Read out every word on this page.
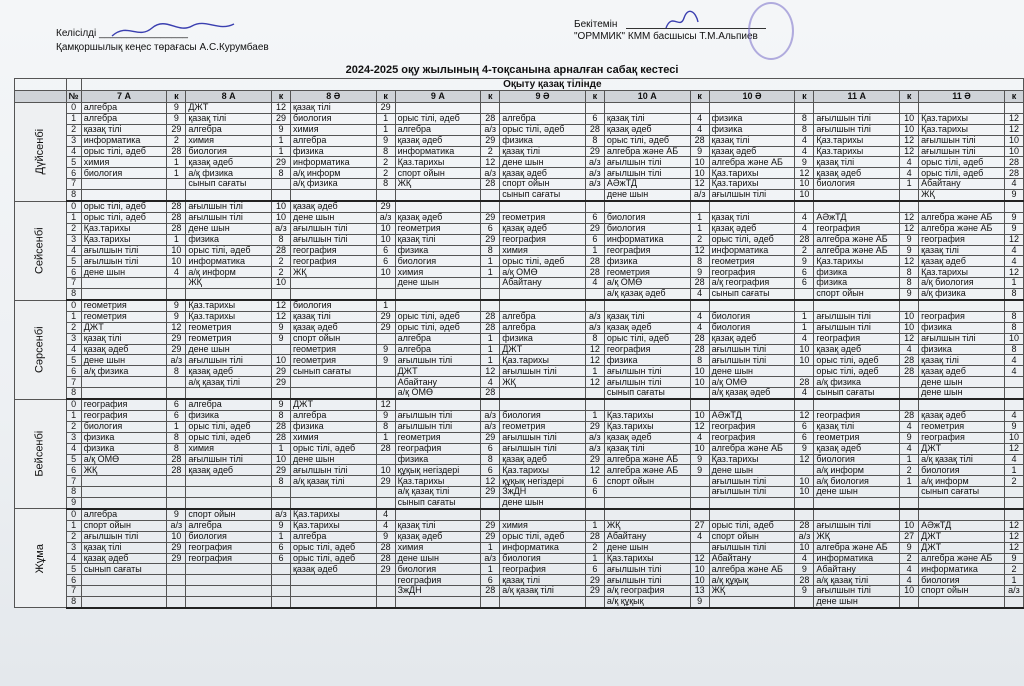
Келісілді ________________
Қамқоршылық кеңес төрағасы А.С.Курумбаев
Бекітемін
"ОРММИК" КММ басшысы Т.М.Альпиев
2024-2025 оқу жылының 4-тоқсанына арналған сабақ кестесі
		Оқыту қазақ тілінде																	
	№	7 А	к	8 А	к	8 Ә	к	9 А	к	9 Ә	к	10 А	к	10 Ә	к	11 А	к	11 Ә	к
Дүйсенбі	0	алгебра	9	ДЖТ	12	қазақ тілі	29												
	1	алгебра	9	қазақ тілі	29	биология	1	орыс тілі, әдеб	28	алгебра	6	қазақ тілі	4	физика	8	ағылшын тілі	10	Қаз.тарихы	12
	2	қазақ тілі	29	алгебра	9	химия	1	алгебра	а/з	орыс тілі, әдеб	28	қазақ әдеб	4	физика	8	ағылшын тілі	10	Қаз.тарихы	12
	3	информатика	2	химия	1	алгебра	9	қазақ әдеб	29	физика	8	орыс тілі, әдеб	28	қазақ тілі	4	Қаз.тарихы	12	ағылшын тілі	10
	4	орыс тілі, әдеб	28	биология	1	физика	8	информатика	2	қазақ тілі	29	алгебра және АБ	9	қазақ әдеб	4	Қаз.тарихы	12	ағылшын тілі	10
	5	химия	1	қазақ әдеб	29	информатика	2	Қаз.тарихы	12	дене шын	а/з	ағылшын тілі	10	алгебра және АБ	9	қазақ тілі	4	орыс тілі, әдеб	28
	6	биология	1	а/қ физика	8	а/қ информ	2	спорт ойын	а/з	қазақ әдеб	а/з	ағылшын тілі	10	Қаз.тарихы	12	қазақ әдеб	4	орыс тілі, әдеб	28
	7			сынып сағаты		а/қ физика	8	ЖҚ	28	спорт ойын	а/з	АӘжТД	12	Қаз.тарихы	10	биология	1	Абайтану	4
	8									сынып сағаты		дене шын	а/з	ағылшын тілі	10			ЖҚ	9
Сейсенбі	0	орыс тілі, әдеб	28	ағылшын тілі	10	қазақ әдеб	29												
	1	орыс тілі, әдеб	28	ағылшын тілі	10	дене шын	а/з	қазақ әдеб	29	геометрия	6	биология	1	қазақ тілі	4	АӘжТД	12	алгебра және АБ	9
	2	Қаз.тарихы	28	дене шын	а/з	ағылшын тілі	10	геометрия	6	қазақ әдеб	29	биология	1	қазақ әдеб	4	география	12	алгебра және АБ	9
	3	Қаз.тарихы	1	физика	8	ағылшын тілі	10	қазақ тілі	29	география	6	информатика	2	орыс тілі, әдеб	28	алгебра және АБ	9	география	12
	4	ағылшын тілі	10	орыс тілі, әдеб	28	география	6	физика	8	химия	1	география	12	информатика	2	алгебра және АБ	9	қазақ тілі	4
	5	ағылшын тілі	10	информатика	2	география	6	биология	1	орыс тілі, әдеб	28	физика	8	геометрия	9	Қаз.тарихы	12	қазақ әдеб	4
	6	дене шын	4	а/қ информ	2	ЖҚ	10	химия	1	а/қ ОМӨ	28	геометрия	9	география	6	физика	8	Қаз.тарихы	12
	7			ЖҚ	10			дене шын		Абайтану	4	а/қ ОМӨ	28	а/қ география	6	физика	8	а/қ биология	1
	8											а/қ қазақ әдеб	4	сынып сағаты		спорт ойын	9	а/қ физика	8
Сәрсенбі	0	геометрия	9	Қаз.тарихы	12	биология	1												
	1	геометрия	9	Қаз.тарихы	12	қазақ тілі	29	орыс тілі, әдеб	28	алгебра	а/з	қазақ тілі	4	биология	1	ағылшын тілі	10	география	8
	2	ДЖТ	12	геометрия	9	қазақ әдеб	29	орыс тілі, әдеб	28	алгебра	а/з	қазақ әдеб	4	биология	1	ағылшын тілі	10	физика	8
	3	қазақ тілі	29	геометрия	9	спорт ойын		алгебра	1	физика	8	орыс тілі, әдеб	28	қазақ әдеб	4	география	12	ағылшын тілі	10
	4	қазақ әдеб	29	дене шын		геометрия	9	алгебра	1	ДЖТ	12	география	28	ағылшын тілі	10	қазақ әдеб	4	физика	8
	5	дене шын	а/з	ағылшын тілі	10	геометрия	9	ағылшын тілі	1	Қаз.тарихы	12	физика	8	ағылшын тілі	10	орыс тілі, әдеб	28	қазақ тілі	4
	6	а/қ физика	8	қазақ әдеб	29	сынып сағаты		ДЖТ	12	ағылшын тілі	1	ағылшын тілі	10	дене шын		орыс тілі, әдеб	28	қазақ әдеб	4
	7			а/қ қазақ тілі	29			Абайтану	4	ЖҚ	12	ағылшын тілі	10	а/қ ОМӨ	28	а/қ физика		дене шын	
	8							а/қ ОМӨ	28			сынып сағаты		а/қ қазақ әдеб	4	сынып сағаты		дене шын	
Бейсенбі	0	география	6	алгебра	9	ДЖТ	12												
	1	география	6	физика	8	алгебра	9	ағылшын тілі	а/з	биология	1	Қаз.тарихы	10	АӘжТД	12	география	28	қазақ әдеб	4
	2	биология	1	орыс тілі, әдеб	28	физика	8	ағылшын тілі	а/з	геометрия	29	Қаз.тарихы	12	география	6	қазақ тілі	4	геометрия	9
	3	физика	8	орыс тілі, әдеб	28	химия	1	геометрия	29	ағылшын тілі	а/з	қазақ әдеб	4	география	6	геометрия	9	география	10
	4	физика	8	химия	1	орыс тілі, әдеб	28	география	6	ағылшын тілі	а/з	қазақ тілі	10	алгебра және АБ	9	қазақ әдеб	4	ДЖТ	12
	5	а/қ ОМӨ	28	ағылшын тілі	10	дене шын		физика	8	қазақ әдеб	29	алгебра және АБ	9	Қаз.тарихы	12	биология	1	а/қ қазақ тілі	4
	6	ЖҚ	28	қазақ әдеб	29	ағылшын тілі	10	құқық негіздері	6	Қаз.тарихы	12	алгебра және АБ	9	дене шын		а/қ информ	2	биология	1
	7				8	а/қ қазақ тілі	29	Қаз.тарихы	12	құқық негіздері	6	спорт ойын		ағылшын тілі	10	а/қ биология	1	а/қ информ	2
	8							а/қ қазақ тілі	29	ЗжДН	6			ағылшын тілі	10	дене шын		сынып сағаты	
	9							сынып сағаты		дене шын									
Жұма	0	алгебра	9	спорт ойын	а/з	Қаз.тарихы	4												
	1	спорт ойын	а/з	алгебра	9	Қаз.тарихы	4	қазақ тілі	29	химия	1	ЖҚ	27	орыс тілі, әдеб	28	ағылшын тілі	10	АӘжТД	12
	2	ағылшын тілі	10	биология	1	алгебра	9	қазақ әдеб	29	орыс тілі, әдеб	28	Абайтану	4	спорт ойын	а/з	ЖҚ	27	ДЖТ	12
	3	қазақ тілі	29	география	6	орыс тілі, әдеб	28	химия	1	информатика	2	дене шын		ағылшын тілі	10	алгебра және АБ	9	ДЖТ	12
	4	қазақ әдеб	29	география	6	орыс тілі, әдеб	28	дене шын	а/з	биология	1	Қаз.тарихы	12	Абайтану	4	информатика	2	алгебра және АБ	9
	5	сынып сағаты				қазақ әдеб	29	биология	1	география	6	ағылшын тілі	10	алгебра және АБ	9	Абайтану	4	информатика	2
	6							география	6	қазақ тілі	29	ағылшын тілі	10	а/қ құқық	28	а/қ қазақ тілі	4	биология	1
	7							ЗжДН	28	а/қ қазақ тілі	29	а/қ география	13	ЖҚ	9	ағылшын тілі	10	спорт ойын	а/з
	8											а/қ құқық	9			дене шын			
